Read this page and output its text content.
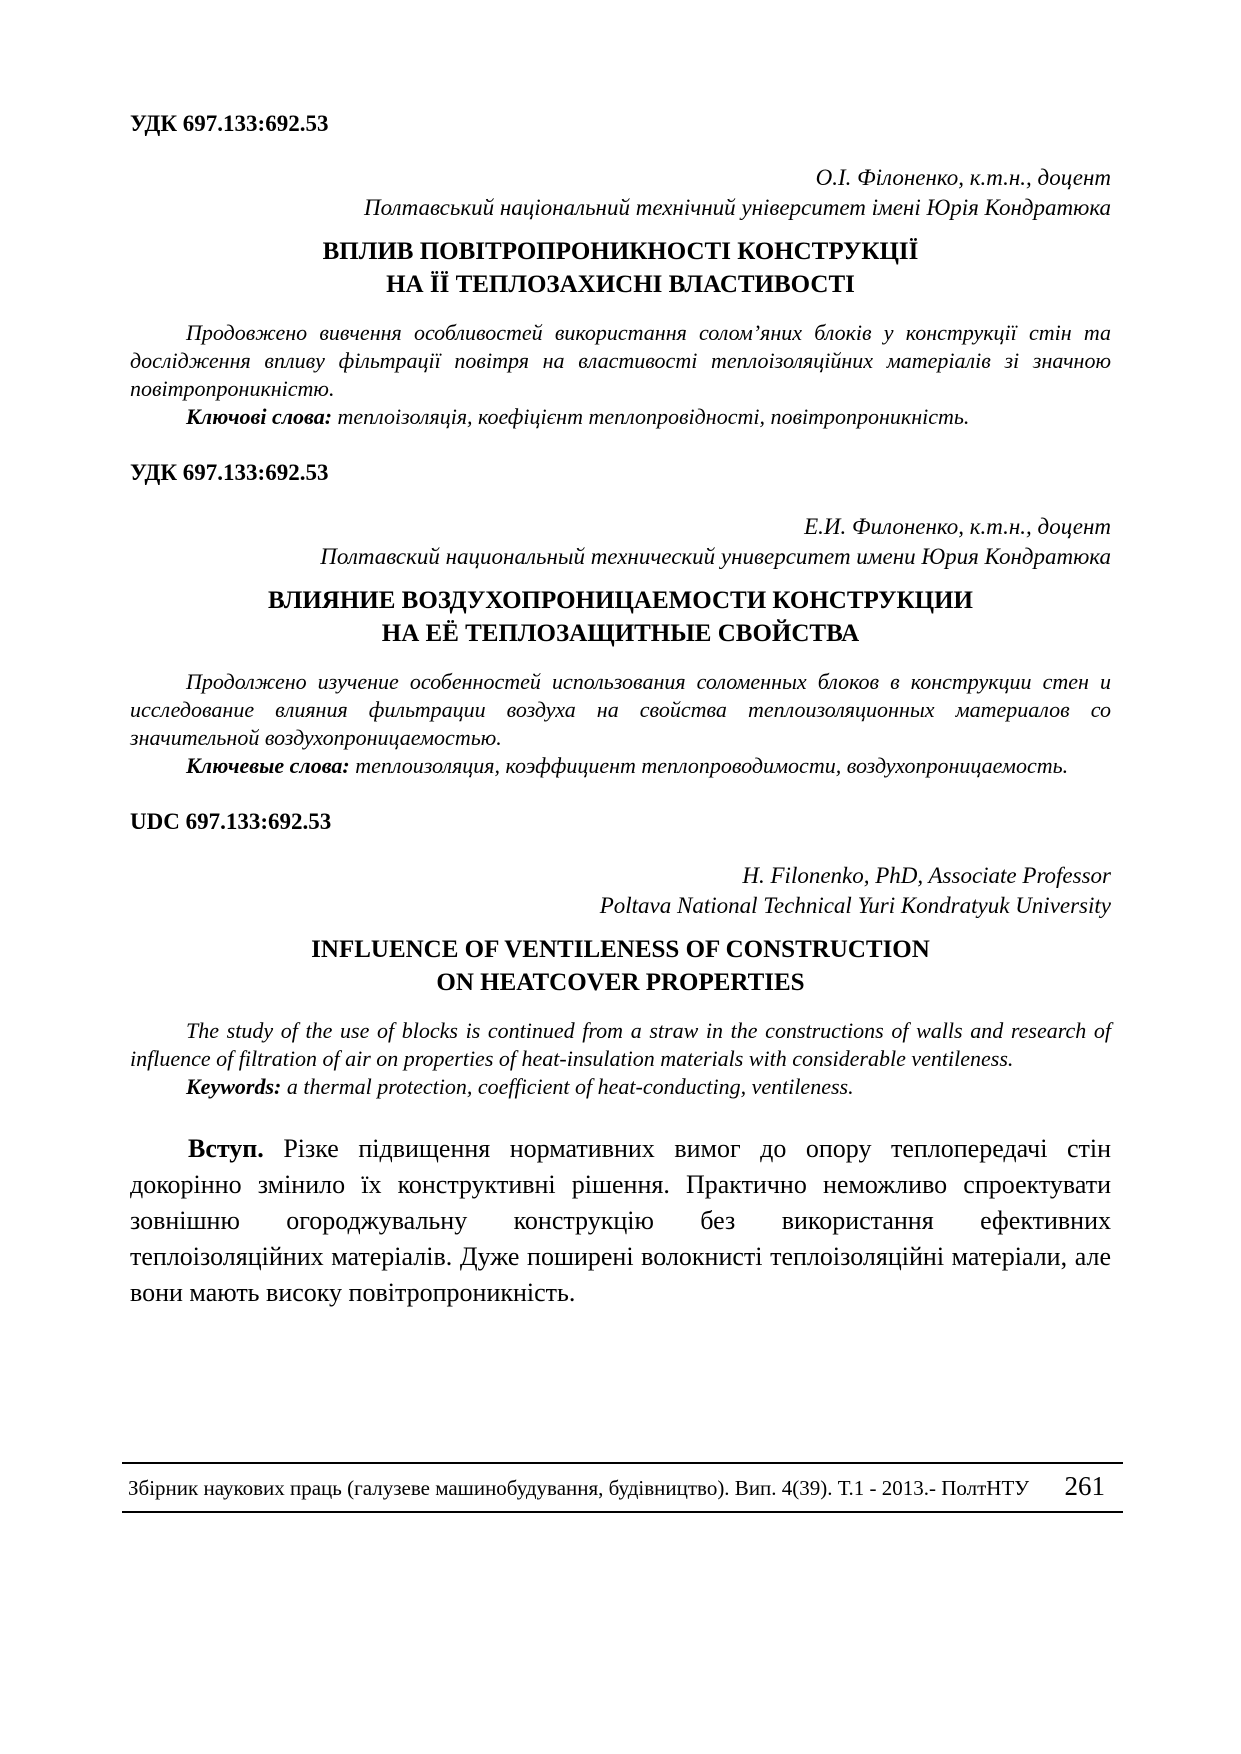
УДК 697.133:692.53

О.І. Філоненко, к.т.н., доцент

Полтавський національний технічний університет імені Юрія Кондратюка

ВПЛИВ ПОВІТРОПРОНИКНОСТІ КОНСТРУКЦІЇ
НА ЇЇ ТЕПЛОЗАХИСНІ ВЛАСТИВОСТІ

Продовжено вивчення особливостей використання солом’яних блоків у конструкції стін та дослідження впливу фільтрації повітря на властивості теплоізоляційних матеріалів зі значною повітропроникністю.

Ключові слова: теплоізоляція, коефіцієнт теплопровідності, повітропроникність.

УДК 697.133:692.53

Е.И. Филоненко, к.т.н., доцент

Полтавский национальный технический университет имени Юрия Кондратюка

ВЛИЯНИЕ ВОЗДУХОПРОНИЦАЕМОСТИ КОНСТРУКЦИИ
НА ЕЁ ТЕПЛОЗАЩИТНЫЕ СВОЙСТВА

Продолжено изучение особенностей использования соломенных блоков в конструкции стен и исследование влияния фильтрации воздуха на свойства теплоизоляционных материалов со значительной воздухопроницаемостью.

Ключевые слова: теплоизоляция, коэффициент теплопроводимости, воздухопроницаемость.

UDC 697.133:692.53

H. Filonenko, PhD, Associate Professor

Poltava National Technical Yuri Kondratyuk University

INFLUENCE OF VENTILENESS OF CONSTRUCTION
ON HEATCOVER PROPERTIES

The study of the use of blocks is continued from a straw in the constructions of walls and research of influence of filtration of air on properties of heat-insulation materials with considerable ventileness.

Keywords: a thermal protection, coefficient of heat-conducting, ventileness.

Вступ. Різке підвищення нормативних вимог до опору теплопередачі стін докорінно змінило їх конструктивні рішення. Практично неможливо спроектувати зовнішню огороджувальну конструкцію без використання ефективних теплоізоляційних матеріалів. Дуже поширені волокнисті теплоізоляційні матеріали, але вони мають високу повітропроникність.

Збірник наукових праць (галузеве машинобудування, будівництво). Вип. 4(39). Т.1 - 2013.- ПолтНТУ 261
